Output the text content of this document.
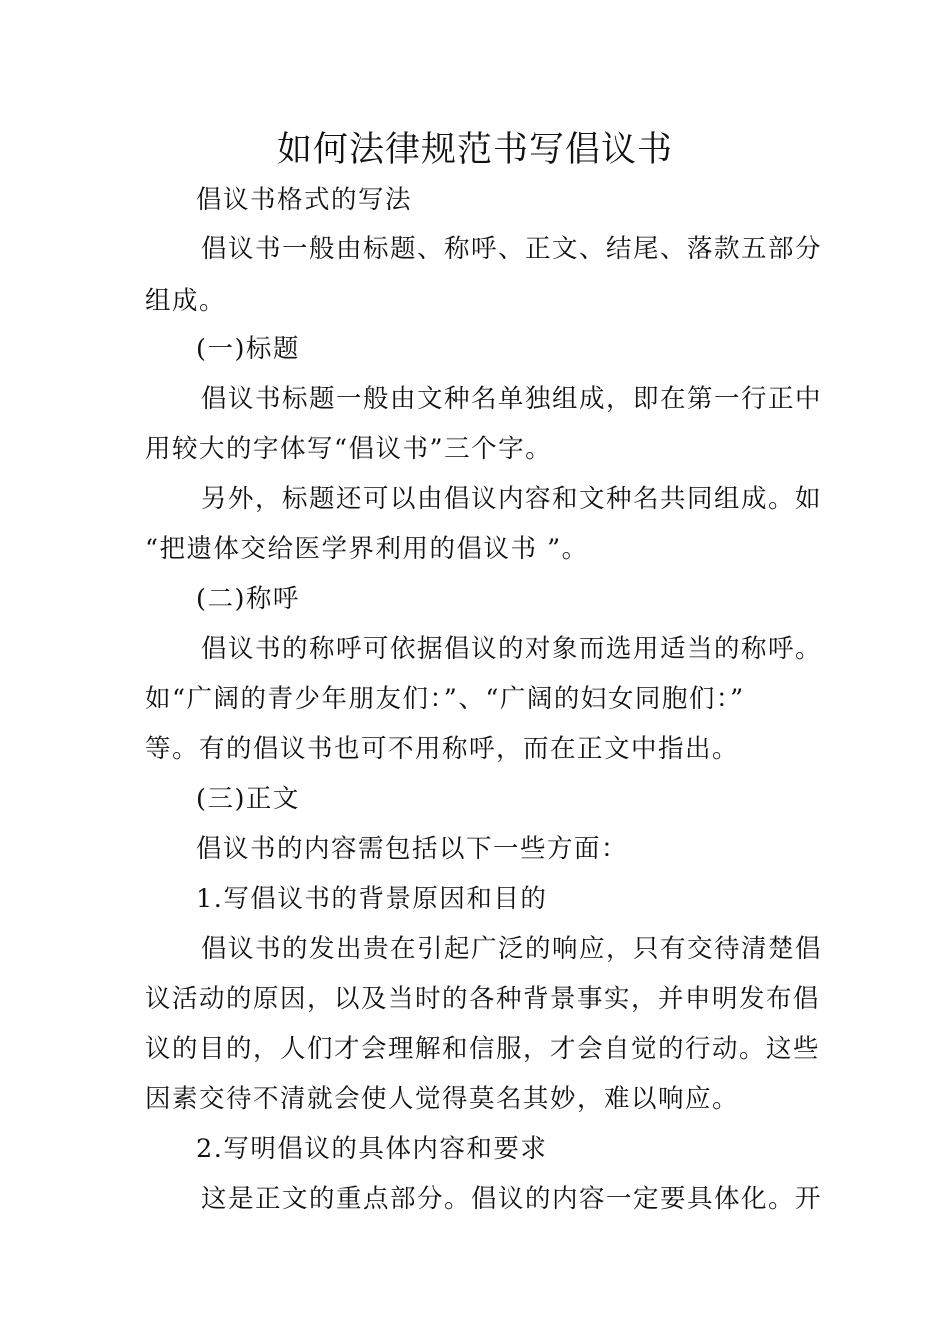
如何法律规范书写倡议书
倡议书格式的写法
倡议书一般由标题、称呼、正文、结尾、落款五部分
组成。
(一)标题
倡议书标题一般由文种名单独组成，即在第一行正中
用较大的字体写“倡议书”三个字。
另外，标题还可以由倡议内容和文种名共同组成。如
“把遗体交给医学界利用的倡议书 ”。
(二)称呼
倡议书的称呼可依据倡议的对象而选用适当的称呼。
如“广阔的青少年朋友们：”、“广阔的妇女同胞们：”
等。有的倡议书也可不用称呼，而在正文中指出。
(三)正文
倡议书的内容需包括以下一些方面：
1.写倡议书的背景原因和目的
倡议书的发出贵在引起广泛的响应，只有交待清楚倡
议活动的原因，以及当时的各种背景事实，并申明发布倡
议的目的，人们才会理解和信服，才会自觉的行动。这些
因素交待不清就会使人觉得莫名其妙，难以响应。
2.写明倡议的具体内容和要求
这是正文的重点部分。倡议的内容一定要具体化。开
